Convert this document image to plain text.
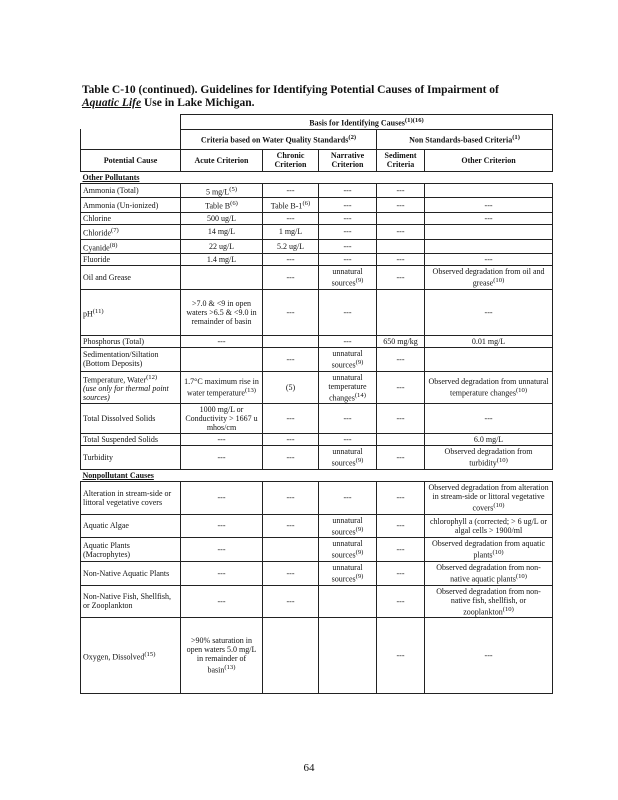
Table C-10 (continued). Guidelines for Identifying Potential Causes of Impairment of
Aquatic Life Use in Lake Michigan.
	Basis for Identifying Causes$^{(1)(16)}$
	Criteria based on Water Quality Standards$^{(2)}$			Non Standards-based Criteria$^{(1)}$
Potential Cause	Acute Criterion	Chronic Criterion	Narrative Criterion	Sediment Criteria	Other Criterion
Other Pollutants					
Ammonia (Total)	5 $mg/L^{(5)}$	---	---	---	
Ammonia (Un-ionized)	Table $B^{(6)}$	Table B-1$^{(6)}$	---	---	---
Chlorine	500 ug/L	---	---		---
Chloride$^{(7)}$	14 mg/L	1 mg/L	---	---	
Cyanide$^{(8)}$	22 ug/L	5.2 ug/L	---		
Fluoride	1.4 mg/L	---	---	---	---
Oil and Grease		---	unnatural sources$^{(9)}$	---	Observed degradation from oil and grease$^{(10)}$
$pH^{(11)}$	>7.0 & <9 in open waters >6.5 & <9.0 in remainder of basin	---	---		---
Phosphorus (Total)	---		---	650 mg/kg	0.01 mg/L
Sedimentation/Siltation (Bottom Deposits)		---	unnatural sources$^{(9)}$	---	
Temperature, Water$^{(12)}$
(use only for thermal point sources)	1.7°C maximum rise in water temperature$^{(13)}$	(5)	unnatural temperature changes$^{(14)}$	---	Observed degradation from unnatural temperature changes$^{(10)}$
Total Dissolved Solids	1000 mg/L or Conductivity > 1667 u mhos/cm	---	---	---	---
Total Suspended Solids	---	---	---		6.0 mg/L
Turbidity	---	---	unnatural sources$^{(9)}$	---	Observed degradation from turbidity$^{(10)}$
Nonpollutant Causes					
Alteration in stream-side or littoral vegetative covers	---	---	---	---	Observed degradation from alteration in stream-side or littoral vegetative covers$^{(10)}$
Aquatic Algae	---	---	unnatural sources$^{(9)}$	---	chlorophyll a (corrected; > 6 ug/L or algal cells > 1900/ml
Aquatic Plants (Macrophytes)	---		unnatural sources$^{(9)}$	---	Observed degradation from aquatic plants$^{(10)}$
Non-Native Aquatic Plants	---	---	unnatural sources$^{(9)}$	---	Observed degradation from non-native aquatic plants$^{(10)}$
Non-Native Fish, Shellfish, or Zooplankton	---	---		---	Observed degradation from non-native fish, shellfish, or zooplankton$^{(10)}$
Oxygen, Dissolved$^{(15)}$	>90% saturation in open waters 5.0 mg/L in remainder of basin$^{(13)}$			---	---
64
